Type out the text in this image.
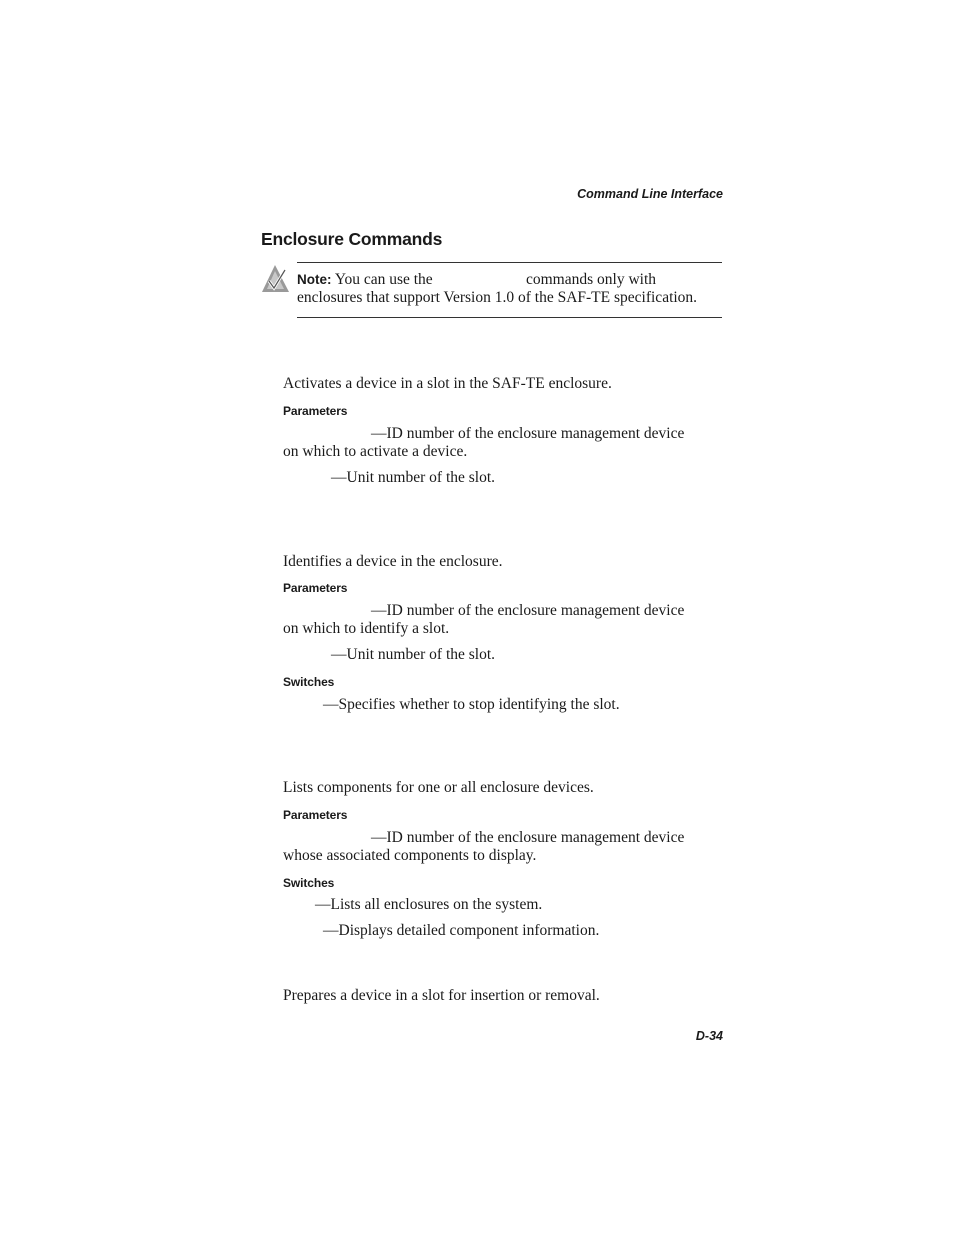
Command Line Interface
Enclosure Commands
Note: You can use the	commands only with
enclosures that support Version 1.0 of the SAF-TE specification.
Activates a device in a slot in the SAF-TE enclosure.
Parameters
—ID number of the enclosure management device
on which to activate a device.
—Unit number of the slot.
Identifies a device in the enclosure.
Parameters
—ID number of the enclosure management device
on which to identify a slot.
—Unit number of the slot.
Switches
—Specifies whether to stop identifying the slot.
Lists components for one or all enclosure devices.
Parameters
—ID number of the enclosure management device
whose associated components to display.
Switches
—Lists all enclosures on the system.
—Displays detailed component information.
Prepares a device in a slot for insertion or removal.
D-34
